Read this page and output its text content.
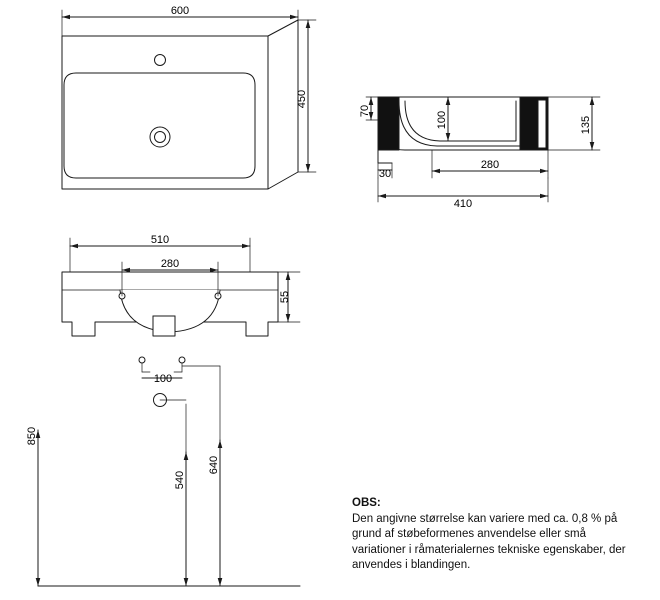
600
450
70	100	135
30
280
410
510
280
55
100
850
640
540
OBS:
Den angivne størrelse kan variere med ca. 0,8 % på grund af støbeformenes anvendelse eller små variationer i råmaterialernes tekniske egenskaber, der anvendes i blandingen.
